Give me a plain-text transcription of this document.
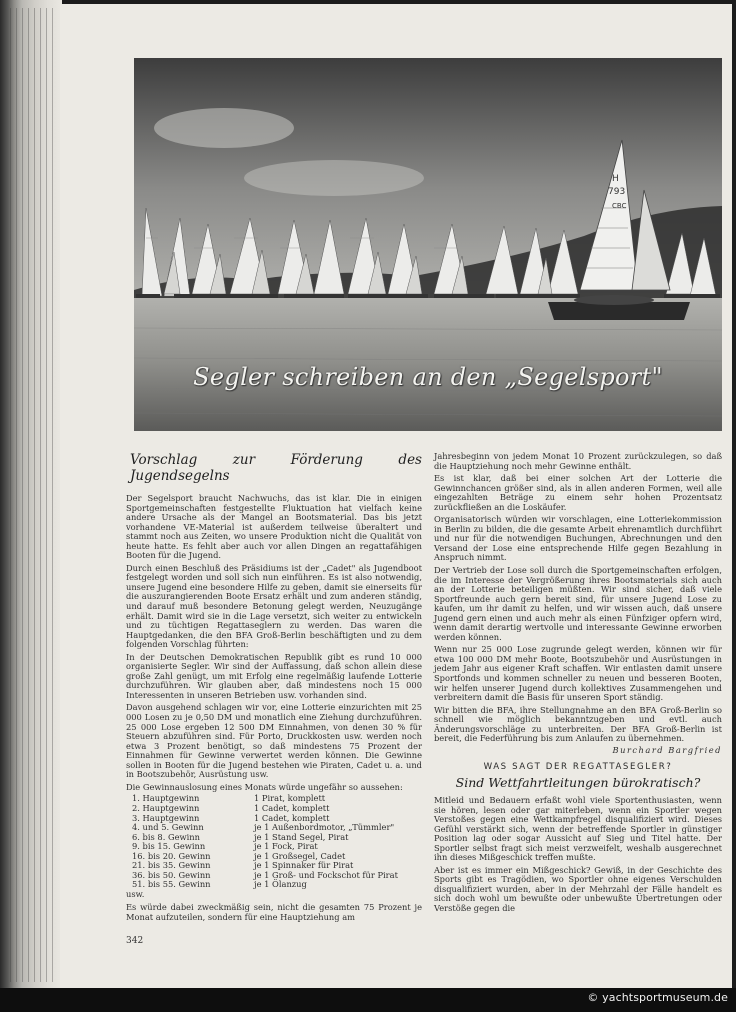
H
793
CBC
Segler schreiben an den „Segelsport"
Vorschlag zur Förderung des Jugendsegelns

Der Segelsport braucht Nachwuchs, das ist klar. Die in einigen Sportgemeinschaften festgestellte Fluktuation hat vielfach keine andere Ursache als der Mangel an Bootsmaterial. Das bis jetzt vorhandene VE-Material ist außerdem teilweise überaltert und stammt noch aus Zeiten, wo unsere Produktion nicht die Qualität von heute hatte. Es fehlt aber auch vor allen Dingen an regattafähigen Booten für die Jugend.

Durch einen Beschluß des Präsidiums ist der „Cadet" als Jugendboot festgelegt worden und soll sich nun einführen. Es ist also notwendig, unsere Jugend eine besondere Hilfe zu geben, damit sie einerseits für die auszurangierenden Boote Ersatz erhält und zum anderen ständig, und darauf muß besondere Betonung gelegt werden, Neuzugänge erhält. Damit wird sie in die Lage versetzt, sich weiter zu entwickeln und zu tüchtigen Regattaseglern zu werden. Das waren die Hauptgedanken, die den BFA Groß-Berlin beschäftigten und zu dem folgenden Vorschlag führten:

In der Deutschen Demokratischen Republik gibt es rund 10 000 organisierte Segler. Wir sind der Auffassung, daß schon allein diese große Zahl genügt, um mit Erfolg eine regelmäßig laufende Lotterie durchzuführen. Wir glauben aber, daß mindestens noch 15 000 Interessenten in unseren Betrieben usw. vorhanden sind.

Davon ausgehend schlagen wir vor, eine Lotterie einzurichten mit 25 000 Losen zu je 0,50 DM und monatlich eine Ziehung durchzuführen. 25 000 Lose ergeben 12 500 DM Einnahmen, von denen 30 % für Steuern abzuführen sind. Für Porto, Druckkosten usw. werden noch etwa 3 Prozent benötigt, so daß mindestens 75 Prozent der Einnahmen für Gewinne verwertet werden können. Die Gewinne sollen in Booten für die Jugend bestehen wie Piraten, Cadet u. a. und in Bootszubehör, Ausrüstung usw.

Die Gewinnauslosung eines Monats würde ungefähr so aussehen:

1. Hauptgewinn	1 Pirat, komplett
2. Hauptgewinn	1 Cadet, komplett
3. Hauptgewinn	1 Cadet, komplett
4. und 5. Gewinn	je 1 Außenbordmotor, „Tümmler"
6. bis 8. Gewinn	je 1 Stand Segel, Pirat
9. bis 15. Gewinn	je 1 Fock, Pirat
16. bis 20. Gewinn	je 1 Großsegel, Cadet
21. bis 35. Gewinn	je 1 Spinnaker für Pirat
36. bis 50. Gewinn	je 1 Groß- und Fockschot für Pirat
51. bis 55. Gewinn	je 1 Ölanzug
usw.

Es würde dabei zweckmäßig sein, nicht die gesamten 75 Prozent je Monat aufzuteilen, sondern für eine Hauptziehung am

Jahresbeginn von jedem Monat 10 Prozent zurückzulegen, so daß die Hauptziehung noch mehr Gewinne enthält.

Es ist klar, daß bei einer solchen Art der Lotterie die Gewinnchancen größer sind, als in allen anderen Formen, weil alle eingezahlten Beträge zu einem sehr hohen Prozentsatz zurückfließen an die Loskäufer.

Organisatorisch würden wir vorschlagen, eine Lotteriekommission in Berlin zu bilden, die die gesamte Arbeit ehrenamtlich durchführt und nur für die notwendigen Buchungen, Abrechnungen und den Versand der Lose eine entsprechende Hilfe gegen Bezahlung in Anspruch nimmt.

Der Vertrieb der Lose soll durch die Sportgemeinschaften erfolgen, die im Interesse der Vergrößerung ihres Bootsmaterials sich auch an der Lotterie beteiligen müßten. Wir sind sicher, daß viele Sportfreunde auch gern bereit sind, für unsere Jugend Lose zu kaufen, um ihr damit zu helfen, und wir wissen auch, daß unsere Jugend gern einen und auch mehr als einen Fünfziger opfern wird, wenn damit derartig wertvolle und interessante Gewinne erworben werden können.

Wenn nur 25 000 Lose zugrunde gelegt werden, können wir für etwa 100 000 DM mehr Boote, Bootszubehör und Ausrüstungen in jedem Jahr aus eigener Kraft schaffen. Wir entlasten damit unsere Sportfonds und kommen schneller zu neuen und besseren Booten, wir helfen unserer Jugend durch kollektives Zusammengehen und verbreitern damit die Basis für unseren Sport ständig.

Wir bitten die BFA, ihre Stellungnahme an den BFA Groß-Berlin so schnell wie möglich bekanntzugeben und evtl. auch Änderungsvorschläge zu unterbreiten. Der BFA Groß-Berlin ist bereit, die Federführung bis zum Anlaufen zu übernehmen.

Burchard Bargfried
WAS SAGT DER REGATTASEGLER?
Sind Wettfahrtleitungen bürokratisch?

Mitleid und Bedauern erfaßt wohl viele Sportenthusiasten, wenn sie hören, lesen oder gar miterleben, wenn ein Sportler wegen Verstoßes gegen eine Wettkampfregel disqualifiziert wird. Dieses Gefühl verstärkt sich, wenn der betreffende Sportler in günstiger Position lag oder sogar Aussicht auf Sieg und Titel hatte. Der Sportler selbst fragt sich meist verzweifelt, weshalb ausgerechnet ihn dieses Mißgeschick treffen mußte.

Aber ist es immer ein Mißgeschick? Gewiß, in der Geschichte des Sports gibt es Tragödien, wo Sportler ohne eigenes Verschulden disqualifiziert wurden, aber in der Mehrzahl der Fälle handelt es sich doch wohl um bewußte oder unbewußte Übertretungen oder Verstöße gegen die

342
© yachtsportmuseum.de
